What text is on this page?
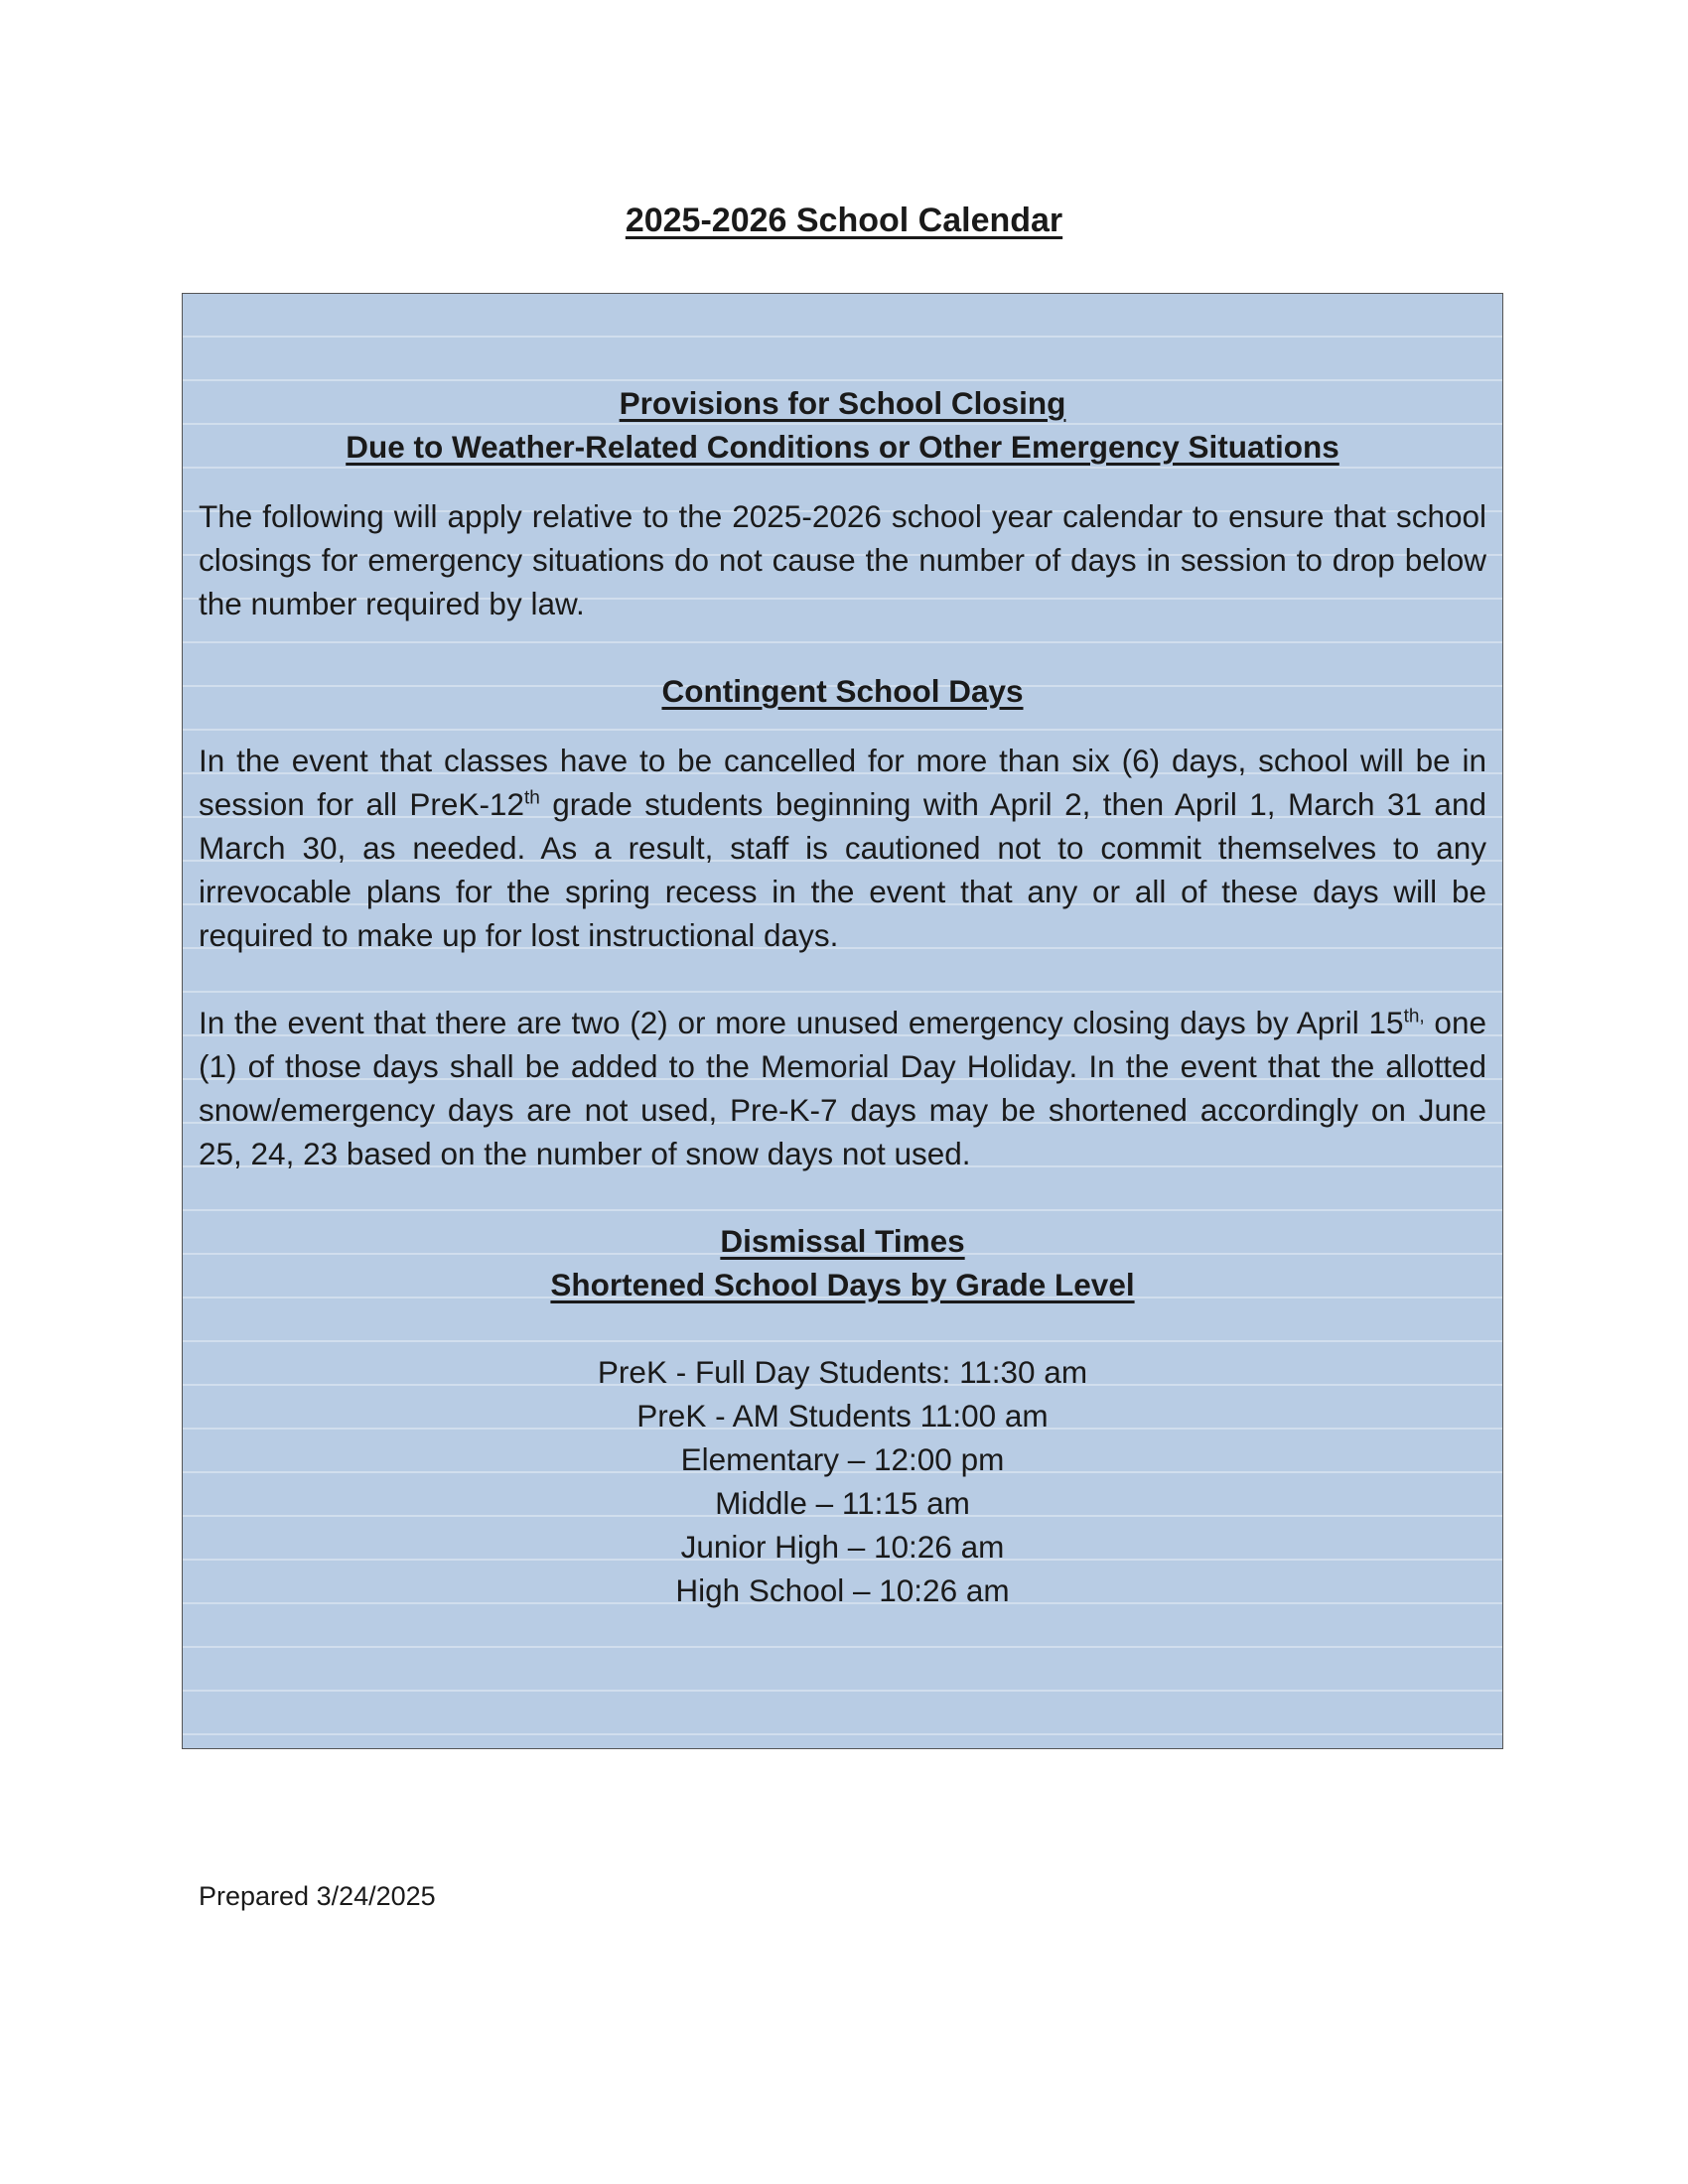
2025-2026 School Calendar

Provisions for School Closing

Due to Weather-Related Conditions or Other Emergency Situations

The following will apply relative to the 2025-2026 school year calendar to ensure that school closings for emergency situations do not cause the number of days in session to drop below the number required by law.

Contingent School Days

In the event that classes have to be cancelled for more than six (6) days, school will be in session for all PreK-12th grade students beginning with April 2, then April 1, March 31 and March 30, as needed. As a result, staff is cautioned not to commit themselves to any irrevocable plans for the spring recess in the event that any or all of these days will be required to make up for lost instructional days.

In the event that there are two (2) or more unused emergency closing days by April $15^{th,}$ one (1) of those days shall be added to the Memorial Day Holiday. In the event that the allotted snow/emergency days are not used, Pre-K-7 days may be shortened accordingly on June 25, 24, 23 based on the number of snow days not used.

Dismissal Times

Shortened School Days by Grade Level

PreK - Full Day Students: 11:30 am

PreK - AM Students 11:00 am

Elementary – 12:00 pm

Middle – 11:15 am

Junior High – 10:26 am

High School – 10:26 am

Prepared 3/24/2025
